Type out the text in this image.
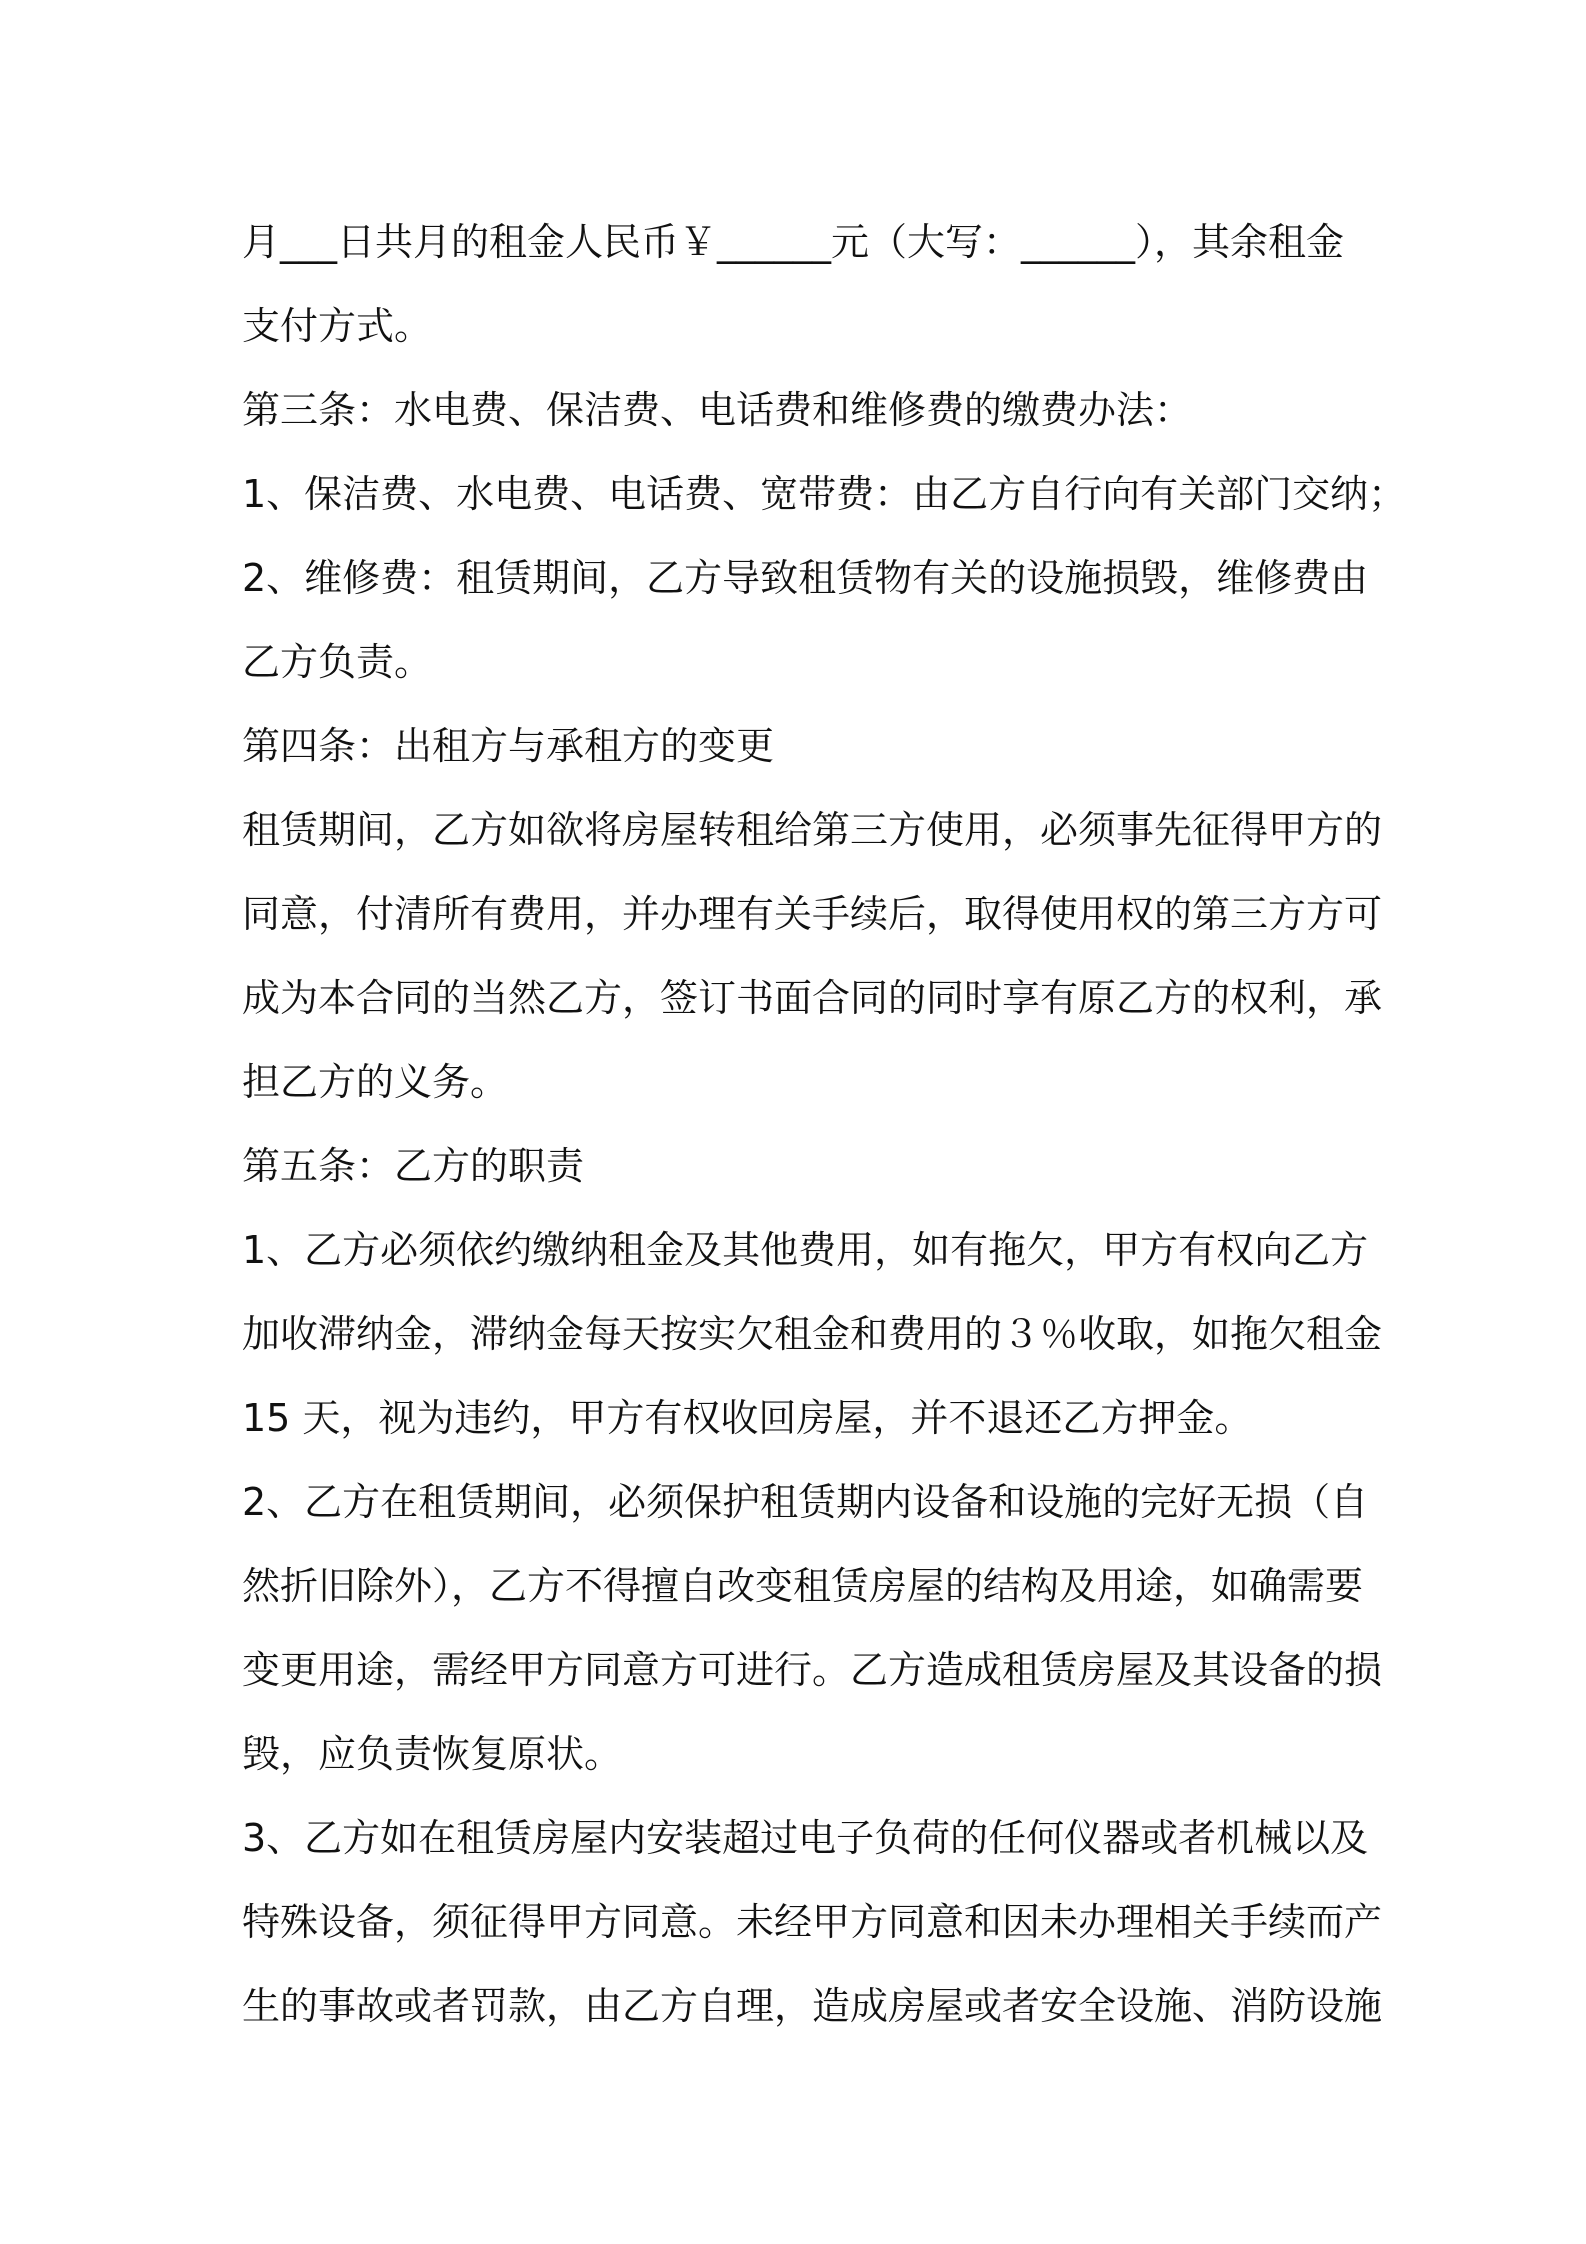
月___日共月的租金人民币￥______元（大写：______），其余租金
支付方式。
第三条：水电费、保洁费、电话费和维修费的缴费办法：
1、保洁费、水电费、电话费、宽带费：由乙方自行向有关部门交纳；
2、维修费：租赁期间，乙方导致租赁物有关的设施损毁，维修费由
乙方负责。
第四条：出租方与承租方的变更
租赁期间，乙方如欲将房屋转租给第三方使用，必须事先征得甲方的
同意，付清所有费用，并办理有关手续后，取得使用权的第三方方可
成为本合同的当然乙方，签订书面合同的同时享有原乙方的权利，承
担乙方的义务。
第五条：乙方的职责
1、乙方必须依约缴纳租金及其他费用，如有拖欠，甲方有权向乙方
加收滞纳金，滞纳金每天按实欠租金和费用的３％收取，如拖欠租金
15 天，视为违约，甲方有权收回房屋，并不退还乙方押金。
2、乙方在租赁期间，必须保护租赁期内设备和设施的完好无损（自
然折旧除外），乙方不得擅自改变租赁房屋的结构及用途，如确需要
变更用途，需经甲方同意方可进行。乙方造成租赁房屋及其设备的损
毁，应负责恢复原状。
3、乙方如在租赁房屋内安装超过电子负荷的任何仪器或者机械以及
特殊设备，须征得甲方同意。未经甲方同意和因未办理相关手续而产
生的事故或者罚款，由乙方自理，造成房屋或者安全设施、消防设施
